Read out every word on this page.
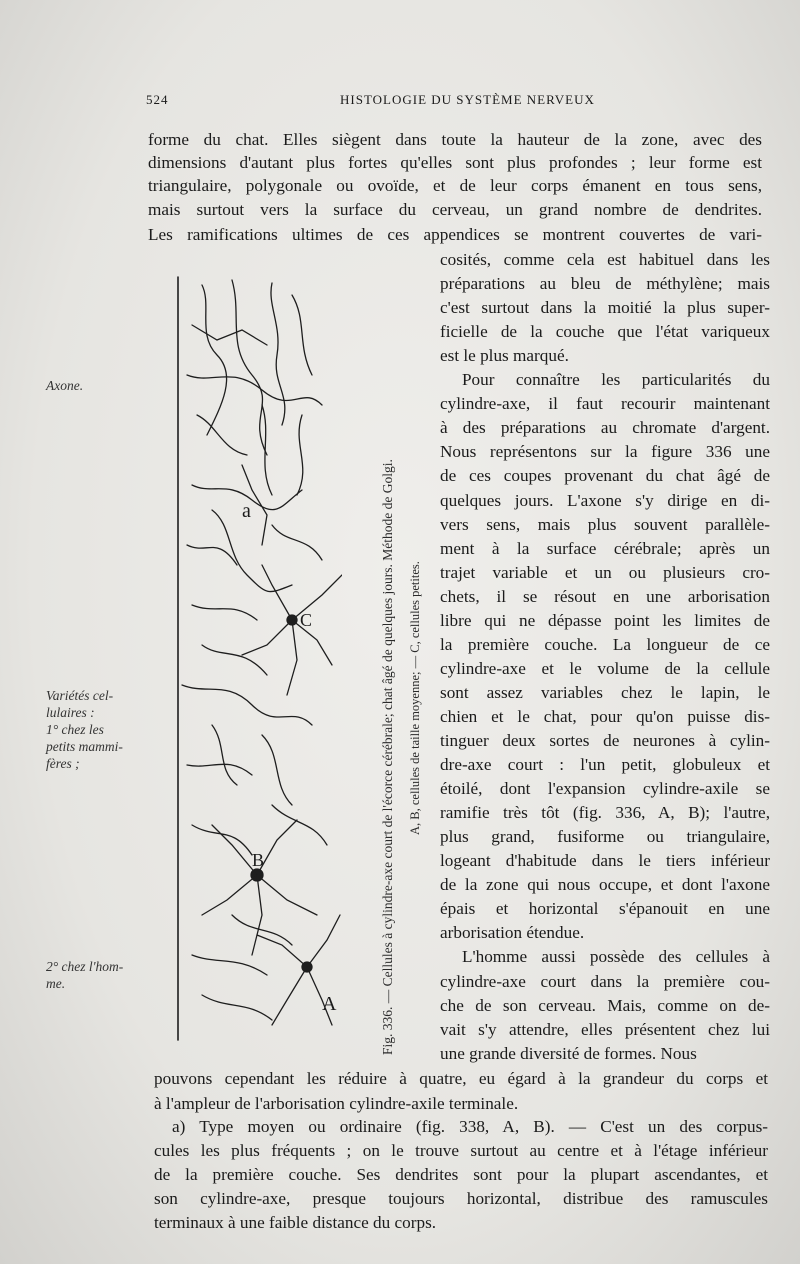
524	HISTOLOGIE DU SYSTÈME NERVEUX
forme du chat. Elles siègent dans toute la hauteur de la zone, avec des
dimensions d'autant plus fortes qu'elles sont plus profondes ; leur forme est
triangulaire, polygonale ou ovoïde, et de leur corps émanent en tous sens,
mais surtout vers la surface du cerveau, un grand nombre de dendrites.
Les ramifications ultimes de ces appendices se montrent couvertes de vari-
Axone.
Variétés cel-
lulaires :
1° chez les
petits mammi-
fères ;
2° chez l'hom-
me.
a
C
B
A	Fig. 336. — Cellules à cylindre-axe court de l'écorce cérébrale; chat âgé de quelques jours. Méthode de Golgi. A, B, cellules de taille moyenne; — C, cellules petites.
cosités, comme cela est habituel dans les
préparations au bleu de méthylène; mais
c'est surtout dans la moitié la plus super-
ficielle de la couche que l'état variqueux
est le plus marqué.
Pour connaître les particularités du
cylindre-axe, il faut recourir maintenant
à des préparations au chromate d'argent.
Nous représentons sur la figure 336 une
de ces coupes provenant du chat âgé de
quelques jours. L'axone s'y dirige en di-
vers sens, mais plus souvent parallèle-
ment à la surface cérébrale; après un
trajet variable et un ou plusieurs cro-
chets, il se résout en une arborisation
libre qui ne dépasse point les limites de
la première couche. La longueur de ce
cylindre-axe et le volume de la cellule
sont assez variables chez le lapin, le
chien et le chat, pour qu'on puisse dis-
tinguer deux sortes de neurones à cylin-
dre-axe court : l'un petit, globuleux et
étoilé, dont l'expansion cylindre-axile se
ramifie très tôt (fig. 336, A, B); l'autre,
plus grand, fusiforme ou triangulaire,
logeant d'habitude dans le tiers inférieur
de la zone qui nous occupe, et dont l'axone
épais et horizontal s'épanouit en une
arborisation étendue.
L'homme aussi possède des cellules à
cylindre-axe court dans la première cou-
che de son cerveau. Mais, comme on de-
vait s'y attendre, elles présentent chez lui
une grande diversité de formes. Nous
pouvons cependant les réduire à quatre, eu égard à la grandeur du corps et
à l'ampleur de l'arborisation cylindre-axile terminale.
a) Type moyen ou ordinaire (fig. 338, A, B). — C'est un des corpus-
cules les plus fréquents ; on le trouve surtout au centre et à l'étage inférieur
de la première couche. Ses dendrites sont pour la plupart ascendantes, et
son cylindre-axe, presque toujours horizontal, distribue des ramuscules
terminaux à une faible distance du corps.
